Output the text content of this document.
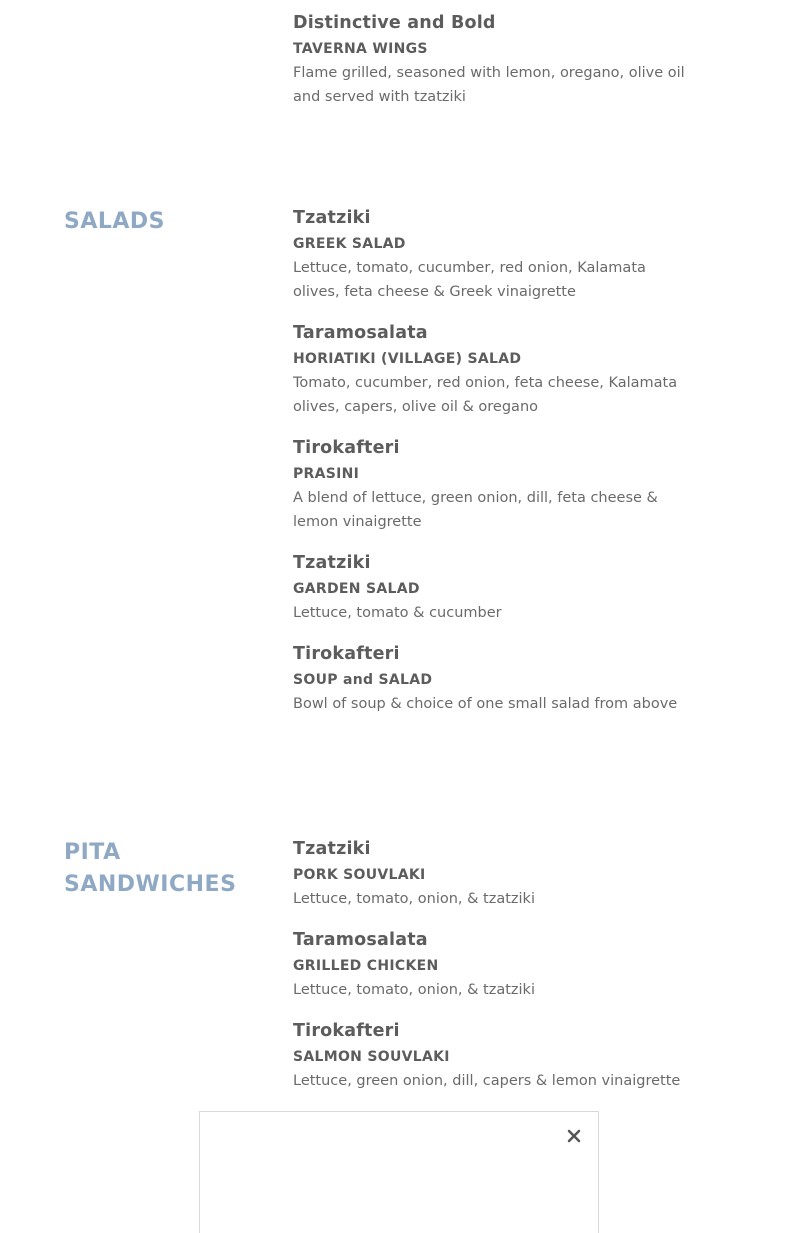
Distinctive and Bold
TAVERNA WINGS
Flame grilled, seasoned with lemon, oregano, olive oil and served with tzatziki
SALADS	Tzatziki
GREEK SALAD
Lettuce, tomato, cucumber, red onion, Kalamata olives, feta cheese & Greek vinaigrette
Taramosalata
HORIATIKI (VILLAGE) SALAD
Tomato, cucumber, red onion, feta cheese, Kalamata olives, capers, olive oil & oregano
Tirokafteri
PRASINI
A blend of lettuce, green onion, dill, feta cheese & lemon vinaigrette
Tzatziki
GARDEN SALAD
Lettuce, tomato & cucumber
Tirokafteri
SOUP and SALAD
Bowl of soup & choice of one small salad from above
PITA SANDWICHES
Tzatziki
PORK SOUVLAKI
Lettuce, tomato, onion, & tzatziki
Taramosalata
GRILLED CHICKEN
Lettuce, tomato, onion, & tzatziki
Tirokafteri
SALMON SOUVLAKI
Lettuce, green onion, dill, capers & lemon vinaigrette
